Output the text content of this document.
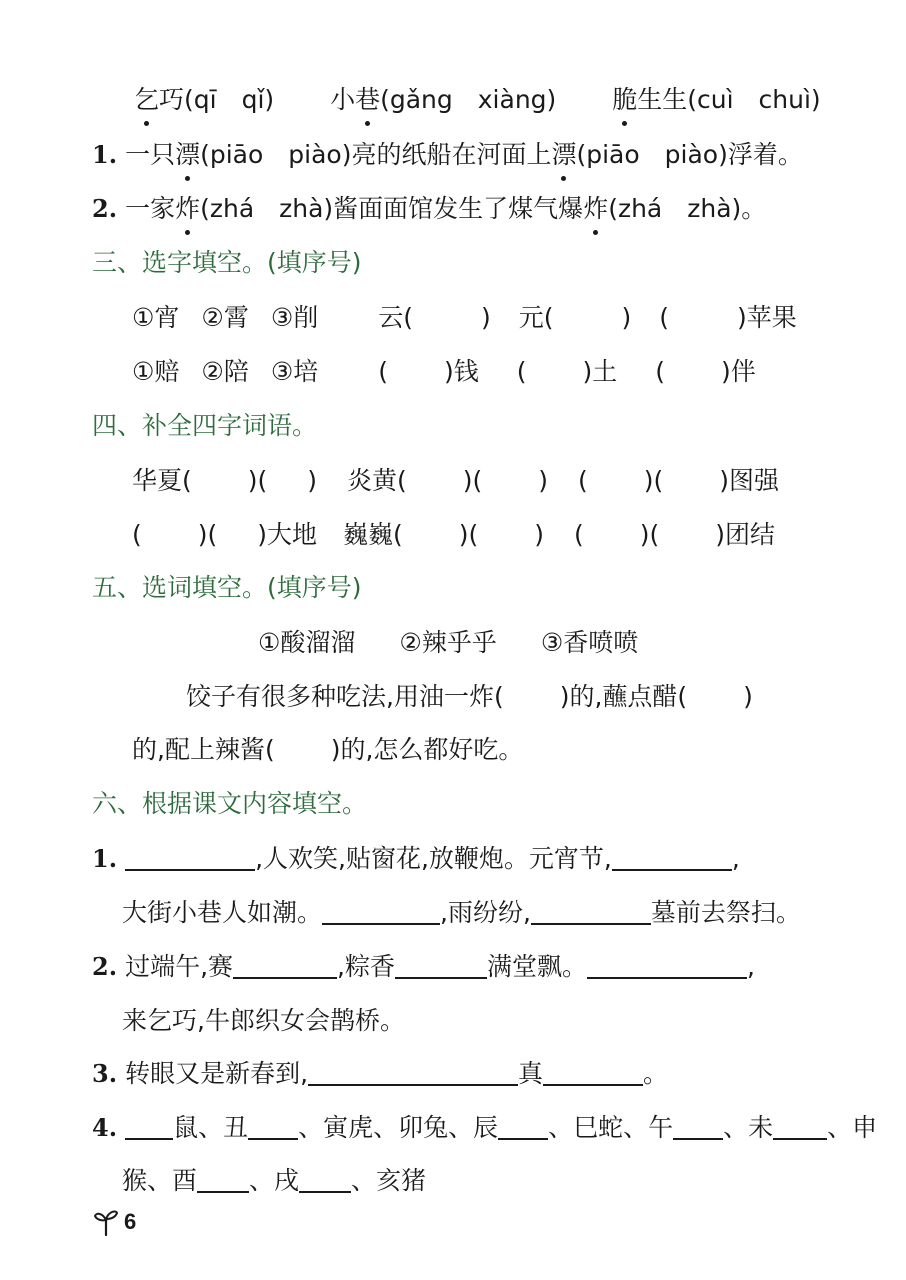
乞巧(qī　qǐ) 小巷(gǎng　xiàng) 脆生生(cuì　chuì)
1. 一只漂(piāo　piào)亮的纸船在河面上漂(piāo　piào)浮着。
2. 一家炸(zhá　zhà)酱面面馆发生了煤气爆炸(zhá　zhà)。
三、选字填空。(填序号)
①宵 ②霄 ③削 云(	) 元(	) (	)苹果
①赔 ②陪 ③培 ( )钱 ( )土 ( )伴
四、补全四字词语。
华夏( )( ) 炎黄( )( ) ( )( )图强
( )( )大地 巍巍( )( ) ( )( )团结
五、选词填空。(填序号)
①酸溜溜 ②辣乎乎 ③香喷喷
饺子有很多种吃法,用油一炸( )的,蘸点醋( )
的,配上辣酱( )的,怎么都好吃。
六、根据课文内容填空。
1.	,人欢笑,贴窗花,放鞭炮。元宵节,	,
大街小巷人如潮。	,雨纷纷,	墓前去祭扫。
2. 过端午,赛	,粽香	满堂飘。	,
来乞巧,牛郎织女会鹊桥。
3. 转眼又是新春到,	真	。
4. 鼠、丑 、寅虎、卯兔、辰 、巳蛇、午 、未 、申
猴、酉 、戌 、亥猪
6
